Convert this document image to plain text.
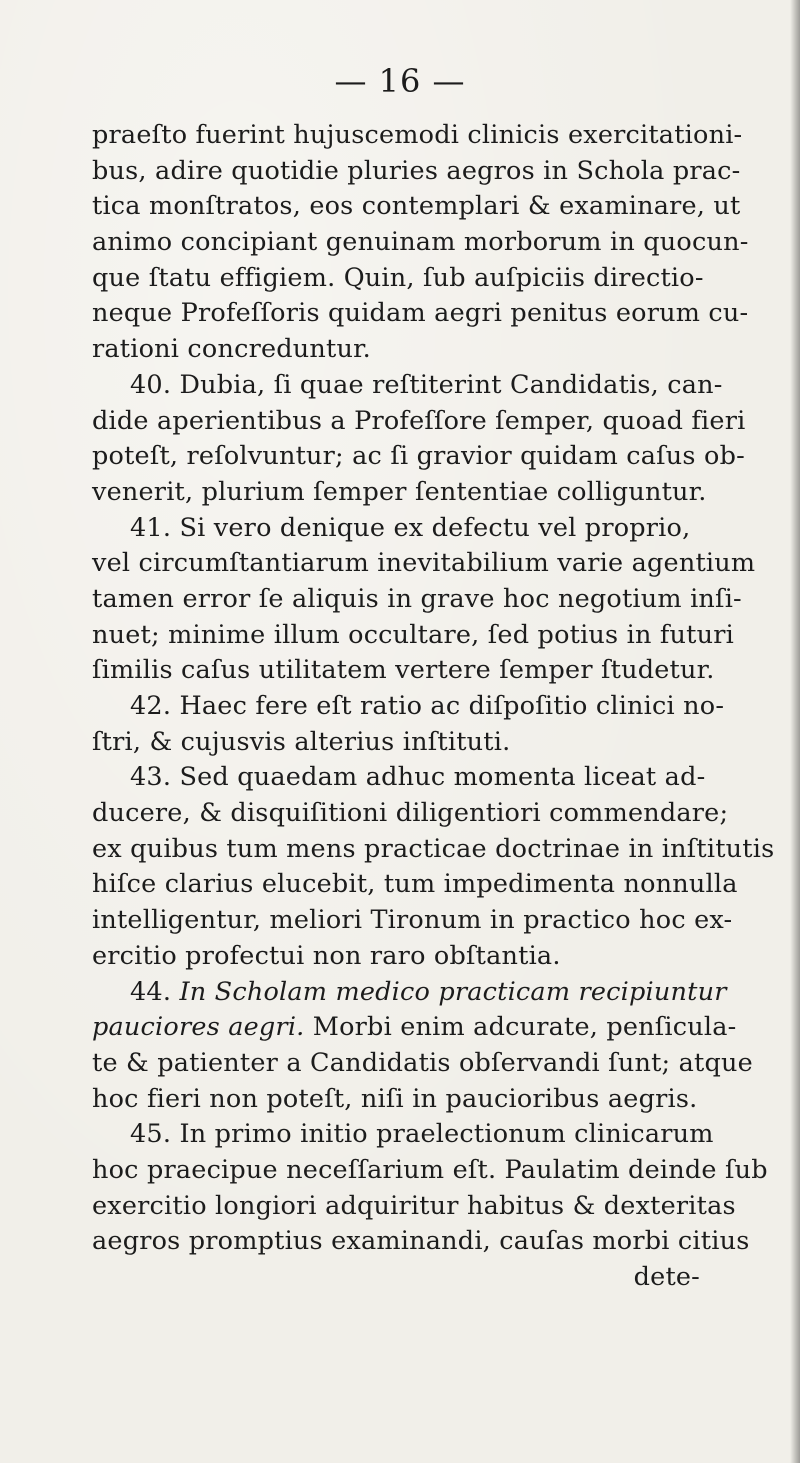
— 16 —
praeſto fuerint hujuscemodi clinicis exercitationi-
bus, adire quotidie pluries aegros in Schola prac-
tica monſtratos, eos contemplari & examinare, ut
animo concipiant genuinam morborum in quocun-
que ſtatu effigiem. Quin, ſub auſpiciis directio-
neque Profeſſoris quidam aegri penitus eorum cu-
rationi concreduntur.
40. Dubia, ſi quae reſtiterint Candidatis, can-
dide aperientibus a Profeſſore ſemper, quoad fieri
poteſt, reſolvuntur; ac ſi gravior quidam caſus ob-
venerit, plurium ſemper ſententiae colliguntur.
41. Si vero denique ex defectu vel proprio,
vel circumſtantiarum inevitabilium varie agentium
tamen error ſe aliquis in grave hoc negotium inſi-
nuet; minime illum occultare, ſed potius in futuri
ſimilis caſus utilitatem vertere ſemper ſtudetur.
42. Haec fere eſt ratio ac diſpoſitio clinici no-
ſtri, & cujusvis alterius inſtituti.
43. Sed quaedam adhuc momenta liceat ad-
ducere, & disquiſitioni diligentiori commendare;
ex quibus tum mens practicae doctrinae in inſtitutis
hiſce clarius elucebit, tum impedimenta nonnulla
intelligentur, meliori Tironum in practico hoc ex-
ercitio profectui non raro obſtantia.
44. In Scholam medico practicam recipiuntur
pauciores aegri. Morbi enim adcurate, penſicula-
te & patienter a Candidatis obſervandi ſunt; atque
hoc fieri non poteſt, niſi in paucioribus aegris.
45. In primo initio praelectionum clinicarum
hoc praecipue neceſſarium eſt. Paulatim deinde ſub
exercitio longiori adquiritur habitus & dexteritas
aegros promptius examinandi, cauſas morbi citius
dete-
